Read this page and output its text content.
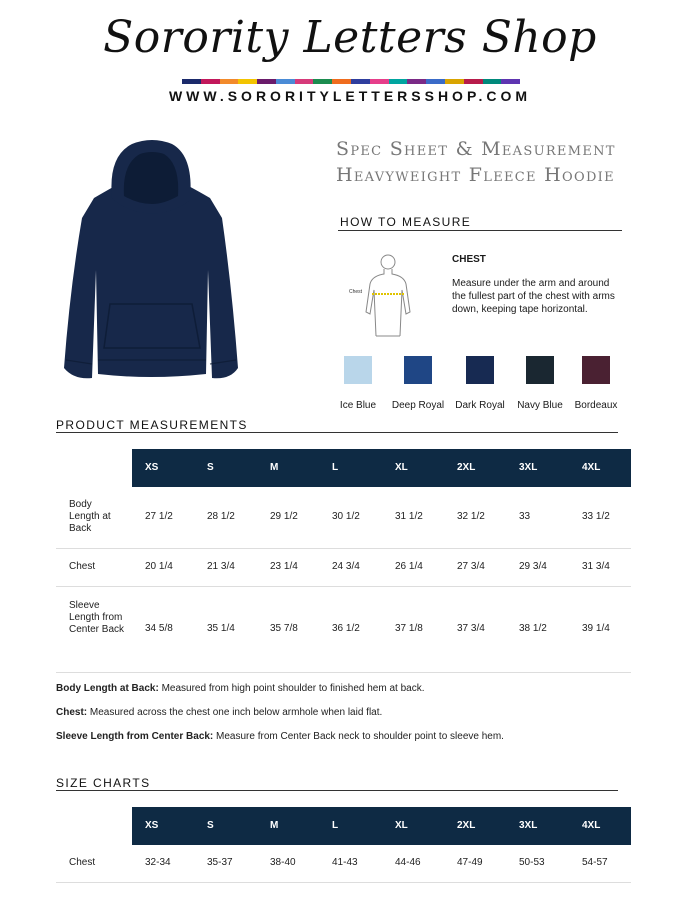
Sorority Letters Shop
WWW.SORORITYLETTERSSHOP.COM
Spec Sheet & Measurement
Heavyweight Fleece Hoodie
HOW TO MEASURE
Chest
CHEST
Measure under the arm and around the fullest part of the chest with arms down, keeping tape horizontal.
Ice Blue	Deep Royal	Dark Royal	Navy Blue	Bordeaux
PRODUCT MEASUREMENTS
XS	S	M	L	XL	2XL	3XL	4XL
Body Length at Back
27 1/2	28 1/2	29 1/2	30 1/2	31 1/2	32 1/2	33	33 1/2
Chest	20 1/4	21 3/4	23 1/4	24 3/4	26 1/4	27 3/4	29 3/4	31 3/4
Sleeve Length from Center Back 34 5/8	35 1/4	35 7/8	36 1/2	37 1/8	37 3/4	38 1/2	39 1/4
Body Length at Back: Measured from high point shoulder to finished hem at back.
Chest: Measured across the chest one inch below armhole when laid flat.
Sleeve Length from Center Back: Measure from Center Back neck to shoulder point to sleeve hem.
SIZE CHARTS
XS	S	M	L	XL	2XL	3XL	4XL
Chest	32-34	35-37	38-40	41-43	44-46	47-49	50-53	54-57
